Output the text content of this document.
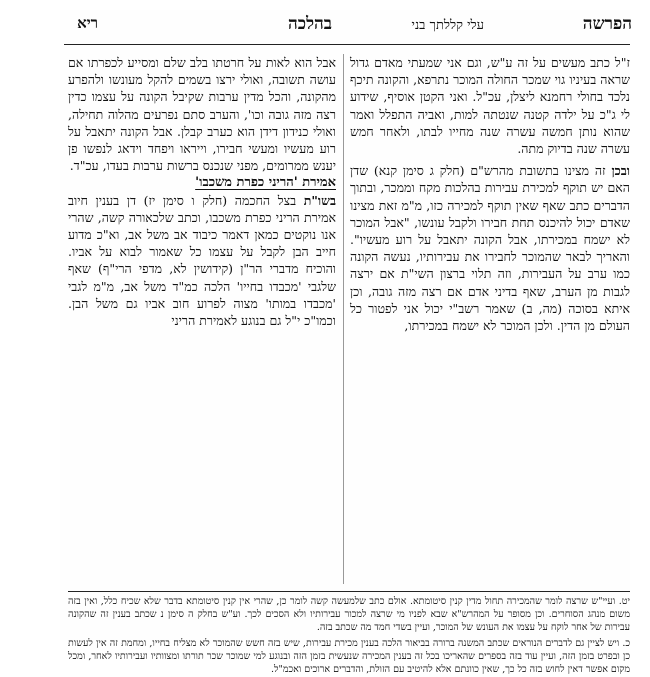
הפרשה
עלי קללתך בני
בהלכה
ריא

ז"ל כתב מעשים על זה ע"ש, וגם אני שמעתי מאדם גדול שראה בעיניו גוי שמכר החולה המוכר נתרפא, והקונה תיכף נלכד בחולי רחמנא ליצלן, עכ"ל. ואני הקטן אוסיף, שידוע לי ג"כ על ילדה קטנה שנטתה למות, ואביה התפלל ואמר שהוא נותן חמשה עשרה שנה מחייו לבתו, ולאחר חמש עשרה שנה בדיוק מתה.

ובכן זה מצינו בתשובת מהרש"ם (חלק ג סימן קנא) שדן האם יש תוקף למכירת עבירות בהלכות מקח וממכר, ובתוך הדברים כתב שאף שאין תוקף למכירה כזו, מ"מ זאת מצינו שאדם יכול להיכנס תחת חבירו ולקבל עונשו, "אבל המוכר לא ישמח במכירתו, אבל הקונה יתאבל על רוע מעשיו". והאריך לבאר שהמוכר לחבירו את עבירותיו, נעשה הקונה כמו ערב על העבירות, וזה תלוי ברצון השי"ת אם ירצה לגבות מן הערב, שאף בדיני אדם אם רצה מזה גובה, וכן איתא בסוכה (מה, ב) שאמר רשב"י יכול אני לפטור כל העולם מן הדין. ולכן המוכר לא ישמח במכירתו,

אבל הוא לאות על חרטתו בלב שלם ומסייע לכפרתו אם עושה תשובה, ואולי ירצו בשמים להקל מעונשו ולהפרע מהקונה, והכל מדין ערבות שקיבל הקונה על עצמו כדין רצה מזה גובה וכו', והערב סתם נפרעים מהלוה תחילה, ואולי כנידון דידן הוא כערב קבלן. אבל הקונה יתאבל על רוע מעשיו ומעשי חבירו, וייראו ויפחד וידאג לנפשו פן יענש ממרומים, מפני שנכנס ברשות ערבות בעדו, עכ"ד.

אמירת 'הריני כפרת משכבו'

בשו"ת בצל החכמה (חלק ו סימן יז) דן בענין חיוב אמירת הריני כפרת משכבו, וכתב שלכאורה קשה, שהרי אנו נוקטים כמאן דאמר כיבוד אב משל אב, וא"כ מדוע חייב הבן לקבל על עצמו כל שאמור לבוא על אביו. והוכיח מדברי הר"ן (קידושין לא, מדפי הרי"ף) שאף שלגבי 'מכבדו בחייו' הלכה כמ"ד משל אב, מ"מ לגבי 'מכבדו במותו' מצוה לפרוע חוב אביו גם משל הבן. וכמו"כ י"ל גם בנוגע לאמירת הריני

יט. ועיי"ש שרצה לומר שהמכירה תחול מדין קנין סיטומתא. אולם כתב שלמעשה קשה לומר כן, שהרי אין קנין סיטומתא בדבר שלא שכיח כלל, ואין בזה משום מנהג הסוחרים. וכן מסופר על המהרש"א שבא לפניו מי שרצה למכור עבירותיו ולא הסכים לכך. וע"ש בחלק ה סימן נ שכתב בענין זה שהקונה עבירות של אחר לוקח על עצמו את העונש של המוכר, ועיין בשדי חמד מה שכתב בזה.

כ. ויש לציין גם לדברים הנוראים שכתב המשנה ברורה בביאור הלכה בענין מכירת עבירות, שיש בזה חשש שהמוכר לא מצליח בחייו, ומחמת זה אין לעשות כן ובפרט בזמן הזה, ועיין עוד בזה בספרים שהאריכו בכל זה בענין המכירה שנעשית בזמן הזה ובנוגע למי שמוכר שכר תורתו ומצוותיו ועבירותיו לאחר, ומכל מקום אפשר דאין לחוש בזה כל כך, שאין כוונתם אלא להיטיב עם הזולת, והדברים ארוכים ואכמ"ל.
